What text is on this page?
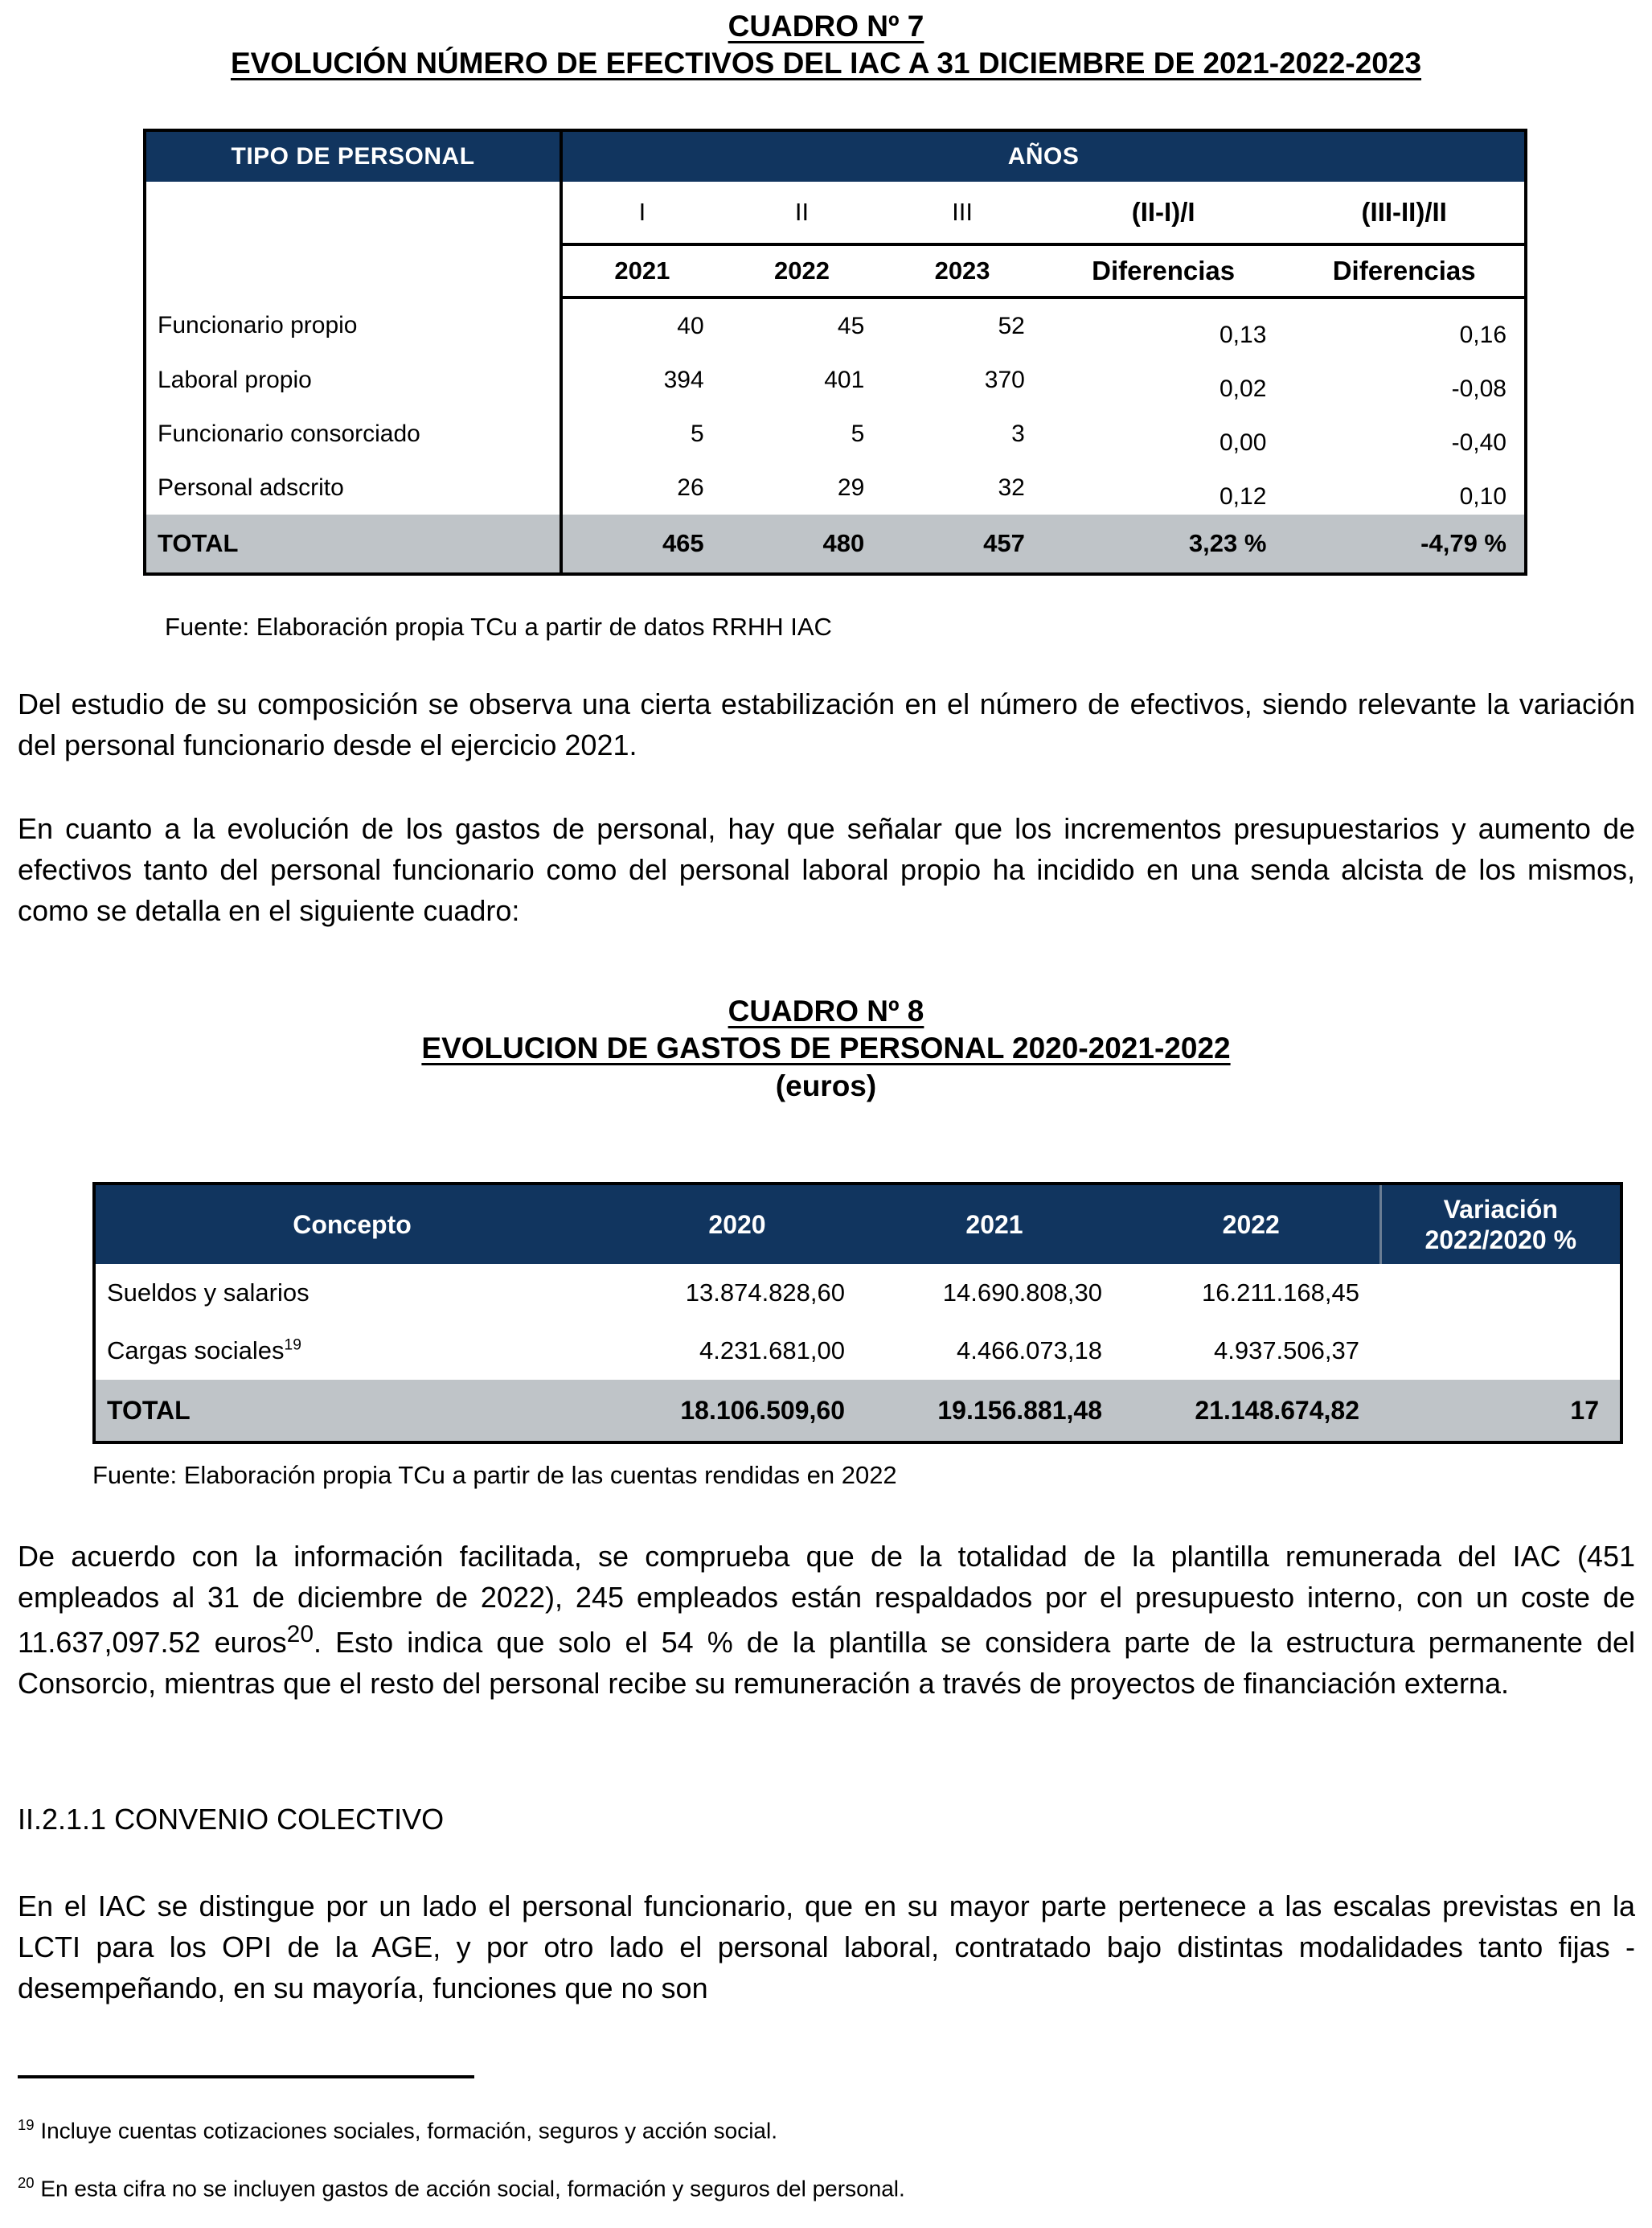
CUADRO Nº 7
EVOLUCIÓN NÚMERO DE EFECTIVOS DEL IAC A 31 DICIEMBRE DE 2021-2022-2023
TIPO DE PERSONAL	AÑOS				
	I	II	III	(II-I)/I	(III-II)/II
	2021	2022	2023	Diferencias	Diferencias
Funcionario propio	40	45	52	0,13	0,16
Laboral propio	394	401	370	0,02	-0,08
Funcionario consorciado	5	5	3	0,00	-0,40
Personal adscrito	26	29	32	0,12	0,10
TOTAL	465	480	457	3,23 %	-4,79 %
Fuente: Elaboración propia TCu a partir de datos RRHH IAC

Del estudio de su composición se observa una cierta estabilización en el número de efectivos, siendo relevante la variación del personal funcionario desde el ejercicio 2021.

En cuanto a la evolución de los gastos de personal, hay que señalar que los incrementos presupuestarios y aumento de efectivos tanto del personal funcionario como del personal laboral propio ha incidido en una senda alcista de los mismos, como se detalla en el siguiente cuadro:

CUADRO Nº 8
EVOLUCION DE GASTOS DE PERSONAL 2020-2021-2022
(euros)
Concepto	2020	2021	2022	Variación
2022/2020 %
Sueldos y salarios	13.874.828,60	14.690.808,30	16.211.168,45	
Cargas sociales$^{19}$	4.231.681,00	4.466.073,18	4.937.506,37	
TOTAL	18.106.509,60	19.156.881,48	21.148.674,82	17
Fuente: Elaboración propia TCu a partir de las cuentas rendidas en 2022

De acuerdo con la información facilitada, se comprueba que de la totalidad de la plantilla remunerada del IAC (451 empleados al 31 de diciembre de 2022), 245 empleados están respaldados por el presupuesto interno, con un coste de 11.637,097.52 euros$^{20}$. Esto indica que solo el 54 % de la plantilla se considera parte de la estructura permanente del Consorcio, mientras que el resto del personal recibe su remuneración a través de proyectos de financiación externa.

II.2.1.1 CONVENIO COLECTIVO

En el IAC se distingue por un lado el personal funcionario, que en su mayor parte pertenece a las escalas previstas en la LCTI para los OPI de la AGE, y por otro lado el personal laboral, contratado bajo distintas modalidades tanto fijas -desempeñando, en su mayoría, funciones que no son

$^{19}$ Incluye cuentas cotizaciones sociales, formación, seguros y acción social.

$^{20}$ En esta cifra no se incluyen gastos de acción social, formación y seguros del personal.
